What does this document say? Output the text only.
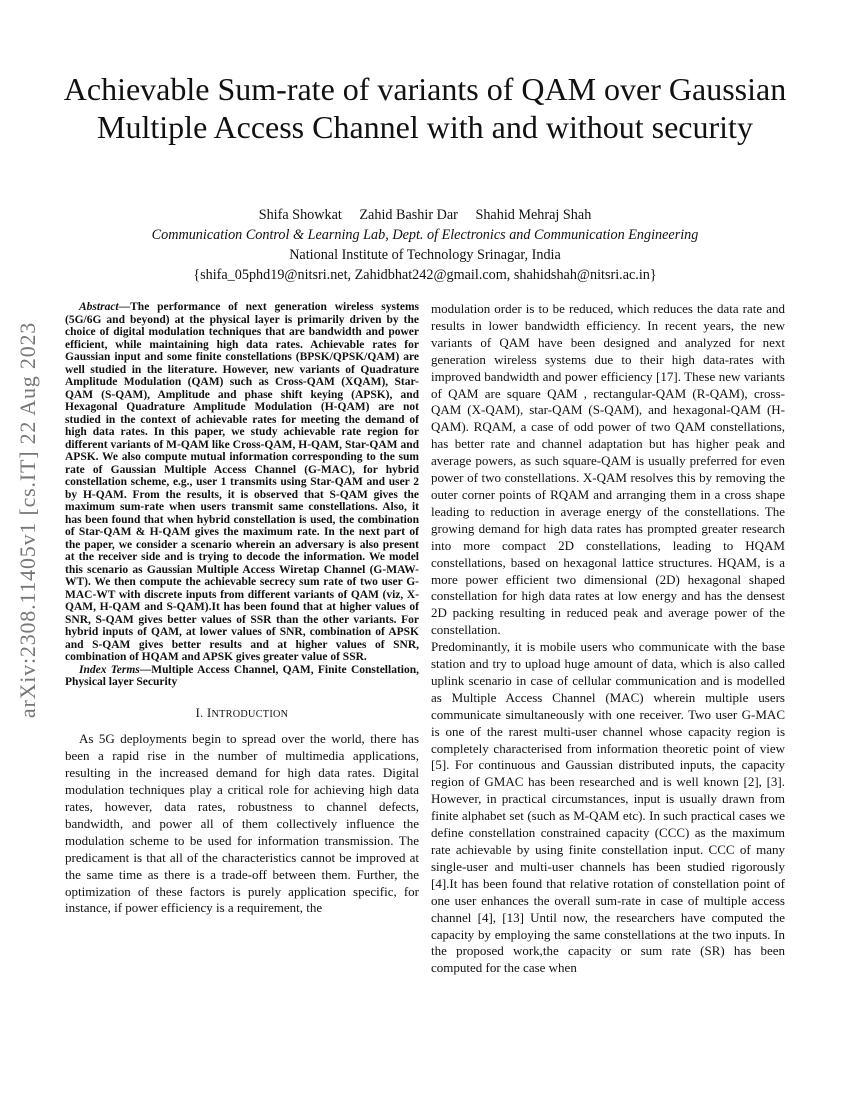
arXiv:2308.11405v1 [cs.IT] 22 Aug 2023
Achievable Sum-rate of variants of QAM over Gaussian Multiple Access Channel with and without security
Shifa Showkat Zahid Bashir Dar Shahid Mehraj Shah
Communication Control & Learning Lab, Dept. of Electronics and Communication Engineering
National Institute of Technology Srinagar, India
{shifa_05phd19@nitsri.net, Zahidbhat242@gmail.com, shahidshah@nitsri.ac.in}

Abstract—The performance of next generation wireless systems (5G/6G and beyond) at the physical layer is primarily driven by the choice of digital modulation techniques that are bandwidth and power efficient, while maintaining high data rates. Achievable rates for Gaussian input and some finite constellations (BPSK/QPSK/QAM) are well studied in the literature. However, new variants of Quadrature Amplitude Modulation (QAM) such as Cross-QAM (XQAM), Star-QAM (S-QAM), Amplitude and phase shift keying (APSK), and Hexagonal Quadrature Amplitude Modulation (H-QAM) are not studied in the context of achievable rates for meeting the demand of high data rates. In this paper, we study achievable rate region for different variants of M-QAM like Cross-QAM, H-QAM, Star-QAM and APSK. We also compute mutual information corresponding to the sum rate of Gaussian Multiple Access Channel (G-MAC), for hybrid constellation scheme, e.g., user 1 transmits using Star-QAM and user 2 by H-QAM. From the results, it is observed that S-QAM gives the maximum sum-rate when users transmit same constellations. Also, it has been found that when hybrid constellation is used, the combination of Star-QAM & H-QAM gives the maximum rate. In the next part of the paper, we consider a scenario wherein an adversary is also present at the receiver side and is trying to decode the information. We model this scenario as Gaussian Multiple Access Wiretap Channel (G-MAW-WT). We then compute the achievable secrecy sum rate of two user G-MAC-WT with discrete inputs from different variants of QAM (viz, X-QAM, H-QAM and S-QAM).It has been found that at higher values of SNR, S-QAM gives better values of SSR than the other variants. For hybrid inputs of QAM, at lower values of SNR, combination of APSK and S-QAM gives better results and at higher values of SNR, combination of HQAM and APSK gives greater value of SSR.

Index Terms—Multiple Access Channel, QAM, Finite Constellation, Physical layer Security

I. INTRODUCTION

As 5G deployments begin to spread over the world, there has been a rapid rise in the number of multimedia applications, resulting in the increased demand for high data rates. Digital modulation techniques play a critical role for achieving high data rates, however, data rates, robustness to channel defects, bandwidth, and power all of them collectively influence the modulation scheme to be used for information transmission. The predicament is that all of the characteristics cannot be improved at the same time as there is a trade-off between them. Further, the optimization of these factors is purely application specific, for instance, if power efficiency is a requirement, the

modulation order is to be reduced, which reduces the data rate and results in lower bandwidth efficiency. In recent years, the new variants of QAM have been designed and analyzed for next generation wireless systems due to their high data-rates with improved bandwidth and power efficiency [17]. These new variants of QAM are square QAM , rectangular-QAM (R-QAM), cross-QAM (X-QAM), star-QAM (S-QAM), and hexagonal-QAM (H-QAM). RQAM, a case of odd power of two QAM constellations, has better rate and channel adaptation but has higher peak and average powers, as such square-QAM is usually preferred for even power of two constellations. X-QAM resolves this by removing the outer corner points of RQAM and arranging them in a cross shape leading to reduction in average energy of the constellations. The growing demand for high data rates has prompted greater research into more compact 2D constellations, leading to HQAM constellations, based on hexagonal lattice structures. HQAM, is a more power efficient two dimensional (2D) hexagonal shaped constellation for high data rates at low energy and has the densest 2D packing resulting in reduced peak and average power of the constellation.

Predominantly, it is mobile users who communicate with the base station and try to upload huge amount of data, which is also called uplink scenario in case of cellular communication and is modelled as Multiple Access Channel (MAC) wherein multiple users communicate simultaneously with one receiver. Two user G-MAC is one of the rarest multi-user channel whose capacity region is completely characterised from information theoretic point of view [5]. For continuous and Gaussian distributed inputs, the capacity region of GMAC has been researched and is well known [2], [3]. However, in practical circumstances, input is usually drawn from finite alphabet set (such as M-QAM etc). In such practical cases we define constellation constrained capacity (CCC) as the maximum rate achievable by using finite constellation input. CCC of many single-user and multi-user channels has been studied rigorously [4].It has been found that relative rotation of constellation point of one user enhances the overall sum-rate in case of multiple access channel [4], [13] Until now, the researchers have computed the capacity by employing the same constellations at the two inputs. In the proposed work,the capacity or sum rate (SR) has been computed for the case when
